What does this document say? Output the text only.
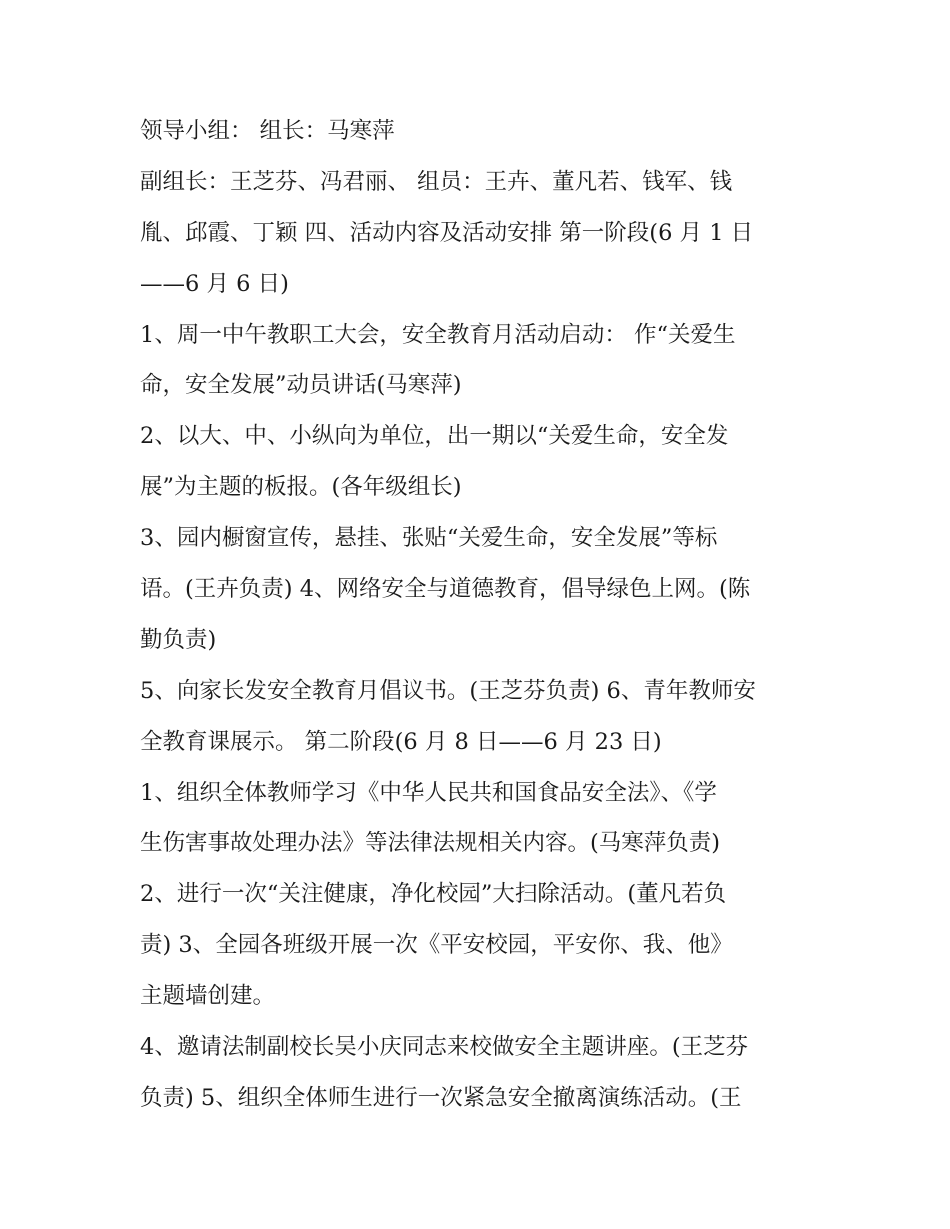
领导小组： 组长：马寒萍
副组长：王芝芬、冯君丽、 组员：王卉、董凡若、钱军、钱
胤、邱霞、丁颖 四、活动内容及活动安排 第一阶段(6 月 1 日
——6 月 6 日)
1、周一中午教职工大会，安全教育月活动启动： 作“关爱生
命，安全发展”动员讲话(马寒萍)
2、以大、中、小纵向为单位，出一期以“关爱生命，安全发
展”为主题的板报。(各年级组长)
3、园内橱窗宣传，悬挂、张贴“关爱生命，安全发展”等标
语。(王卉负责) 4、网络安全与道德教育，倡导绿色上网。(陈
勤负责)
5、向家长发安全教育月倡议书。(王芝芬负责) 6、青年教师安
全教育课展示。 第二阶段(6 月 8 日——6 月 23 日)
1、组织全体教师学习《中华人民共和国食品安全法》、《学
生伤害事故处理办法》等法律法规相关内容。(马寒萍负责)
2、进行一次“关注健康，净化校园”大扫除活动。(董凡若负
责) 3、全园各班级开展一次《平安校园，平安你、我、他》
主题墙创建。
4、邀请法制副校长吴小庆同志来校做安全主题讲座。(王芝芬
负责) 5、组织全体师生进行一次紧急安全撤离演练活动。(王
